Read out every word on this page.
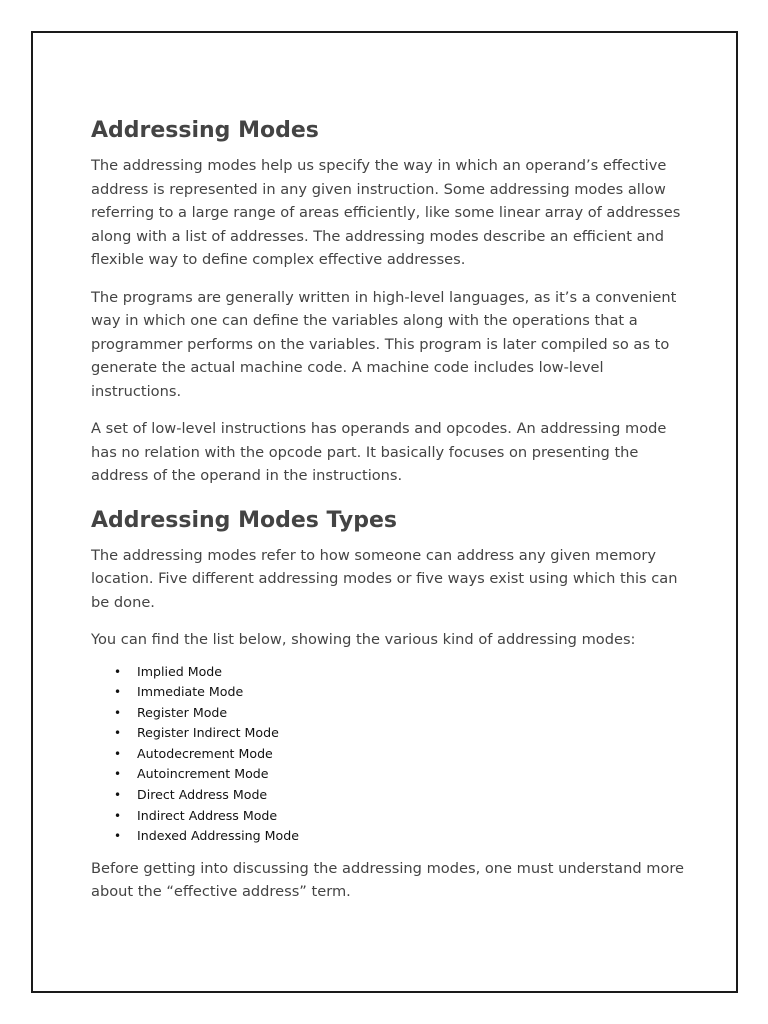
Addressing Modes

The addressing modes help us specify the way in which an operand’s effective address is represented in any given instruction. Some addressing modes allow referring to a large range of areas efficiently, like some linear array of addresses along with a list of addresses. The addressing modes describe an efficient and flexible way to define complex effective addresses.

The programs are generally written in high-level languages, as it’s a convenient way in which one can define the variables along with the operations that a programmer performs on the variables. This program is later compiled so as to generate the actual machine code. A machine code includes low-level instructions.

A set of low-level instructions has operands and opcodes. An addressing mode has no relation with the opcode part. It basically focuses on presenting the address of the operand in the instructions.

Addressing Modes Types

The addressing modes refer to how someone can address any given memory location. Five different addressing modes or five ways exist using which this can be done.

You can find the list below, showing the various kind of addressing modes:

• Implied Mode
• Immediate Mode
• Register Mode
• Register Indirect Mode
• Autodecrement Mode
• Autoincrement Mode
• Direct Address Mode
• Indirect Address Mode
• Indexed Addressing Mode

Before getting into discussing the addressing modes, one must understand more about the “effective address” term.
